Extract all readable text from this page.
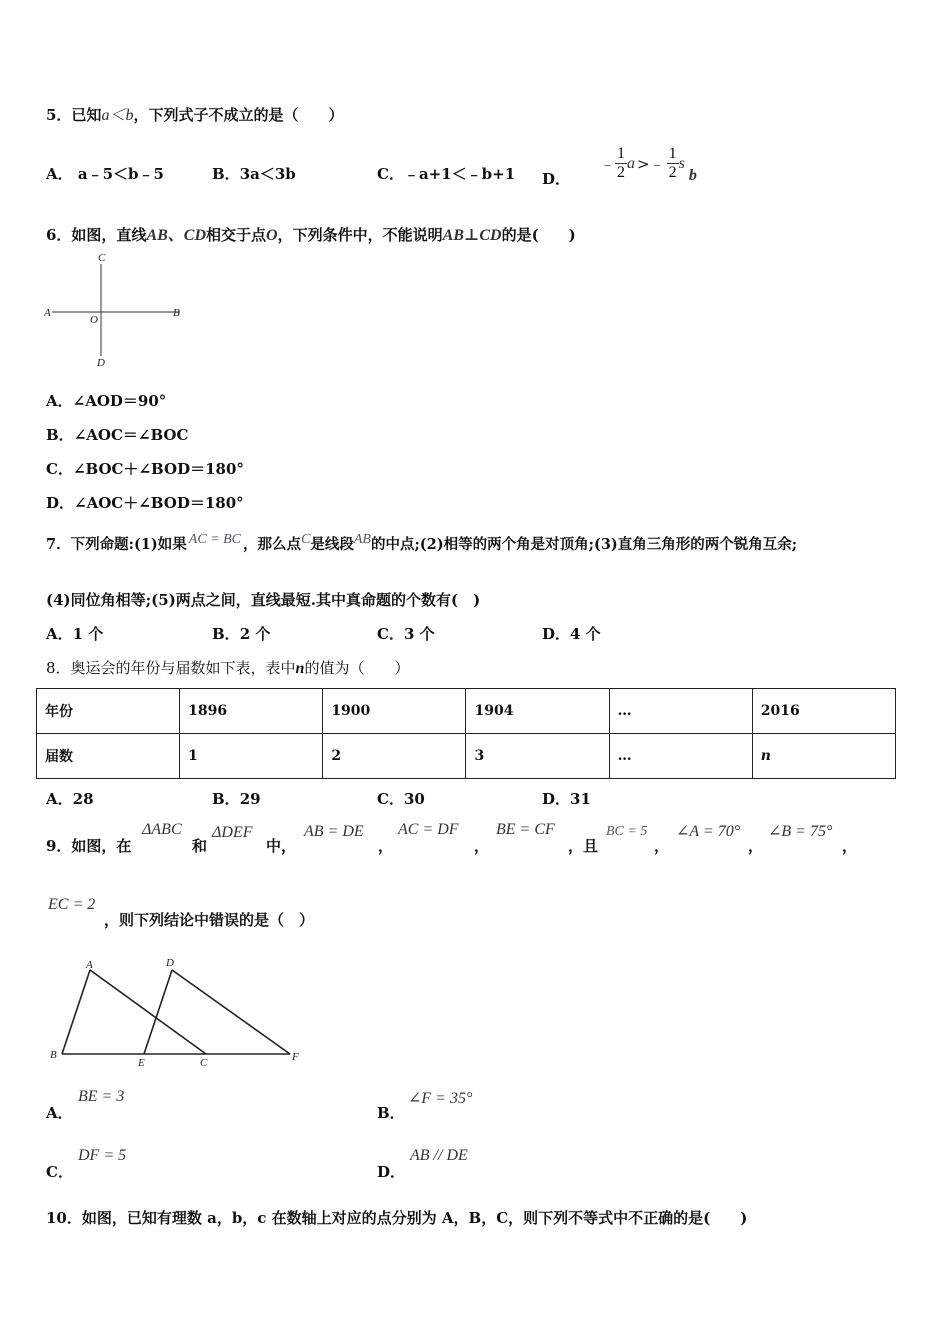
5．已知a＜b，下列式子不成立的是（　　）
A． a﹣5＜b﹣5	B．3a＜3b	C．﹣a+1＜﹣b+1 D．
﹣ $\frac{1}{2}$ a >﹣ $\frac{1}{2}$ s
b
6．如图，直线AB、CD相交于点O，下列条件中，不能说明AB⊥CD的是(　　)
A	B
C
D
O
A．∠AOD＝90°
B．∠AOC＝∠BOC
C．∠BOC＋∠BOD＝180°
D．∠AOC＋∠BOD＝180°
7．下列命题:(1)如果 AC = BC ，那么点C是线段AB的中点;(2)相等的两个角是对顶角;(3)直角三角形的两个锐角互余;
(4)同位角相等;(5)两点之间，直线最短.其中真命题的个数有(　)
A．1 个	B．2 个	C．3 个	D．4 个
8．奥运会的年份与届数如下表，表中n的值为（　　）
年份	1896	1900	1904	…	2016
届数	1	2	3	…	n
A．28	B．29	C．30	D．31
9．如图，在
ΔABC
和
ΔDEF
中，
AB = DE
，
AC = DF
，
BE = CF
，且
BC = 5
，
∠A = 70°
，
∠B = 75°
，
EC = 2
，则下列结论中错误的是（　）
A
B
C
D
E	F
A．
BE = 3
B．
∠F = 35°
C．
DF = 5
D．
AB // DE
10．如图，已知有理数 a，b，c 在数轴上对应的点分别为 A，B，C，则下列不等式中不正确的是(　　)
